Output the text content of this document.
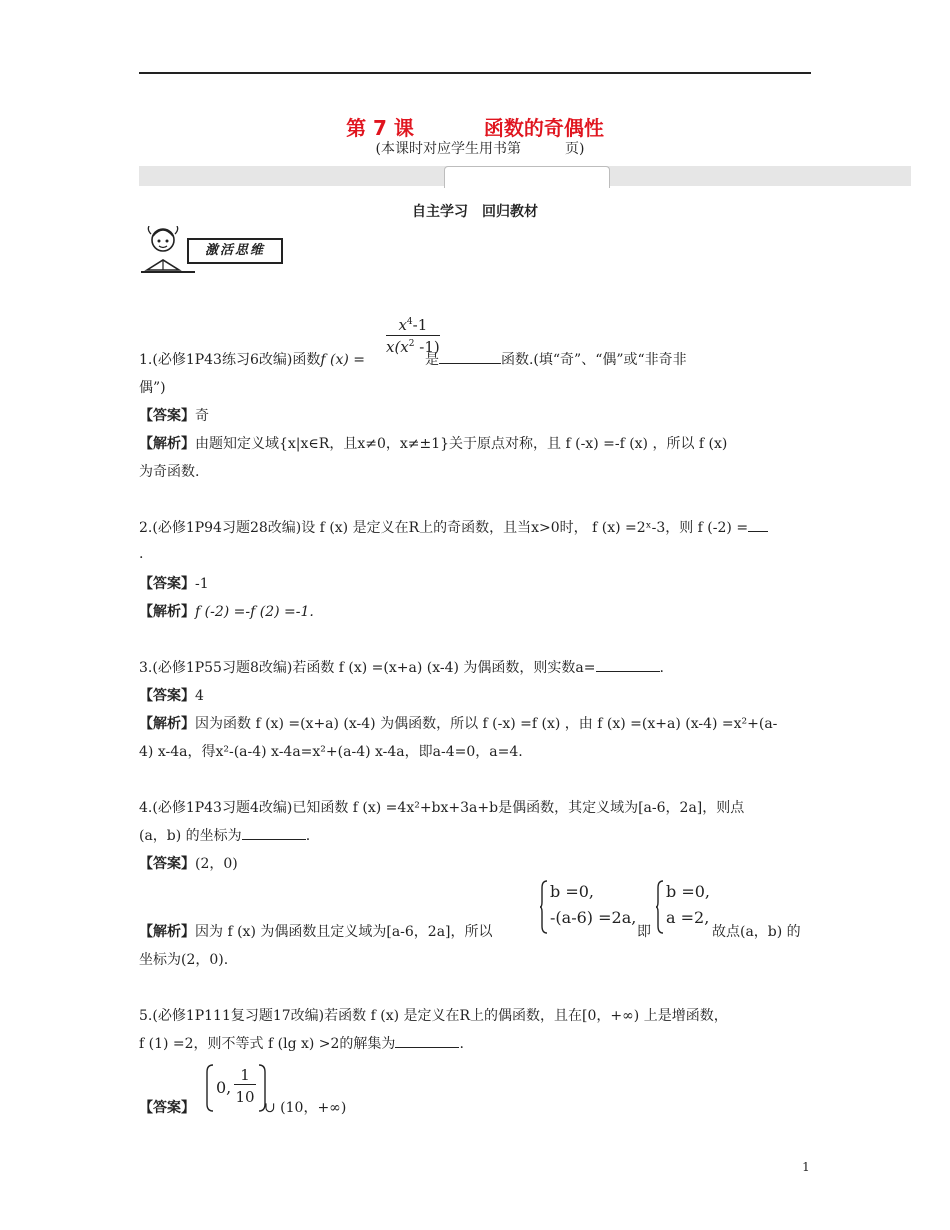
第 7 课	函数的奇偶性
(本课时对应学生用书第	页)
自主学习　回归教材
激活思维
$\frac{x^4-1}{x(x^2 -1)}$
1.(必修1P43练习6改编)函数f (x) =	是	函数.(填“奇”、“偶”或“非奇非
偶”)
【答案】奇
【解析】由题知定义域{x|x∈R，且x≠0，x≠±1}关于原点对称，且 f (-x) =-f (x) ，所以 f (x)
为奇函数.
2.(必修1P94习题28改编)设 f (x) 是定义在R上的奇函数，且当x>0时， f (x) =2ˣ-3，则 f (-2) =
.
【答案】-1
【解析】f (-2) =-f (2) =-1.
3.(必修1P55习题8改编)若函数 f (x) =(x+a) (x-4) 为偶函数，则实数a=	.
【答案】4
【解析】因为函数 f (x) =(x+a) (x-4) 为偶函数，所以 f (-x) =f (x) ，由 f (x) =(x+a) (x-4) =x²+(a-
4) x-4a，得x²-(a-4) x-4a=x²+(a-4) x-4a，即a-4=0，a=4.
4.(必修1P43习题4改编)已知函数 f (x) =4x²+bx+3a+b是偶函数，其定义域为[a-6，2a]，则点
(a，b) 的坐标为	.
【答案】(2，0)
【解析】因为 f (x) 为偶函数且定义域为[a-6，2a]，所以
b =0,
-(a-6) =2a,
即
b =0,
a =2,
故点(a，b) 的
坐标为(2，0).
5.(必修1P111复习题17改编)若函数 f (x) 是定义在R上的偶函数，且在[0，+∞) 上是增函数，
f (1) =2，则不等式 f (lg x) >2的解集为	.
【答案】
0,
1
10
∪ (10，+∞)
1
